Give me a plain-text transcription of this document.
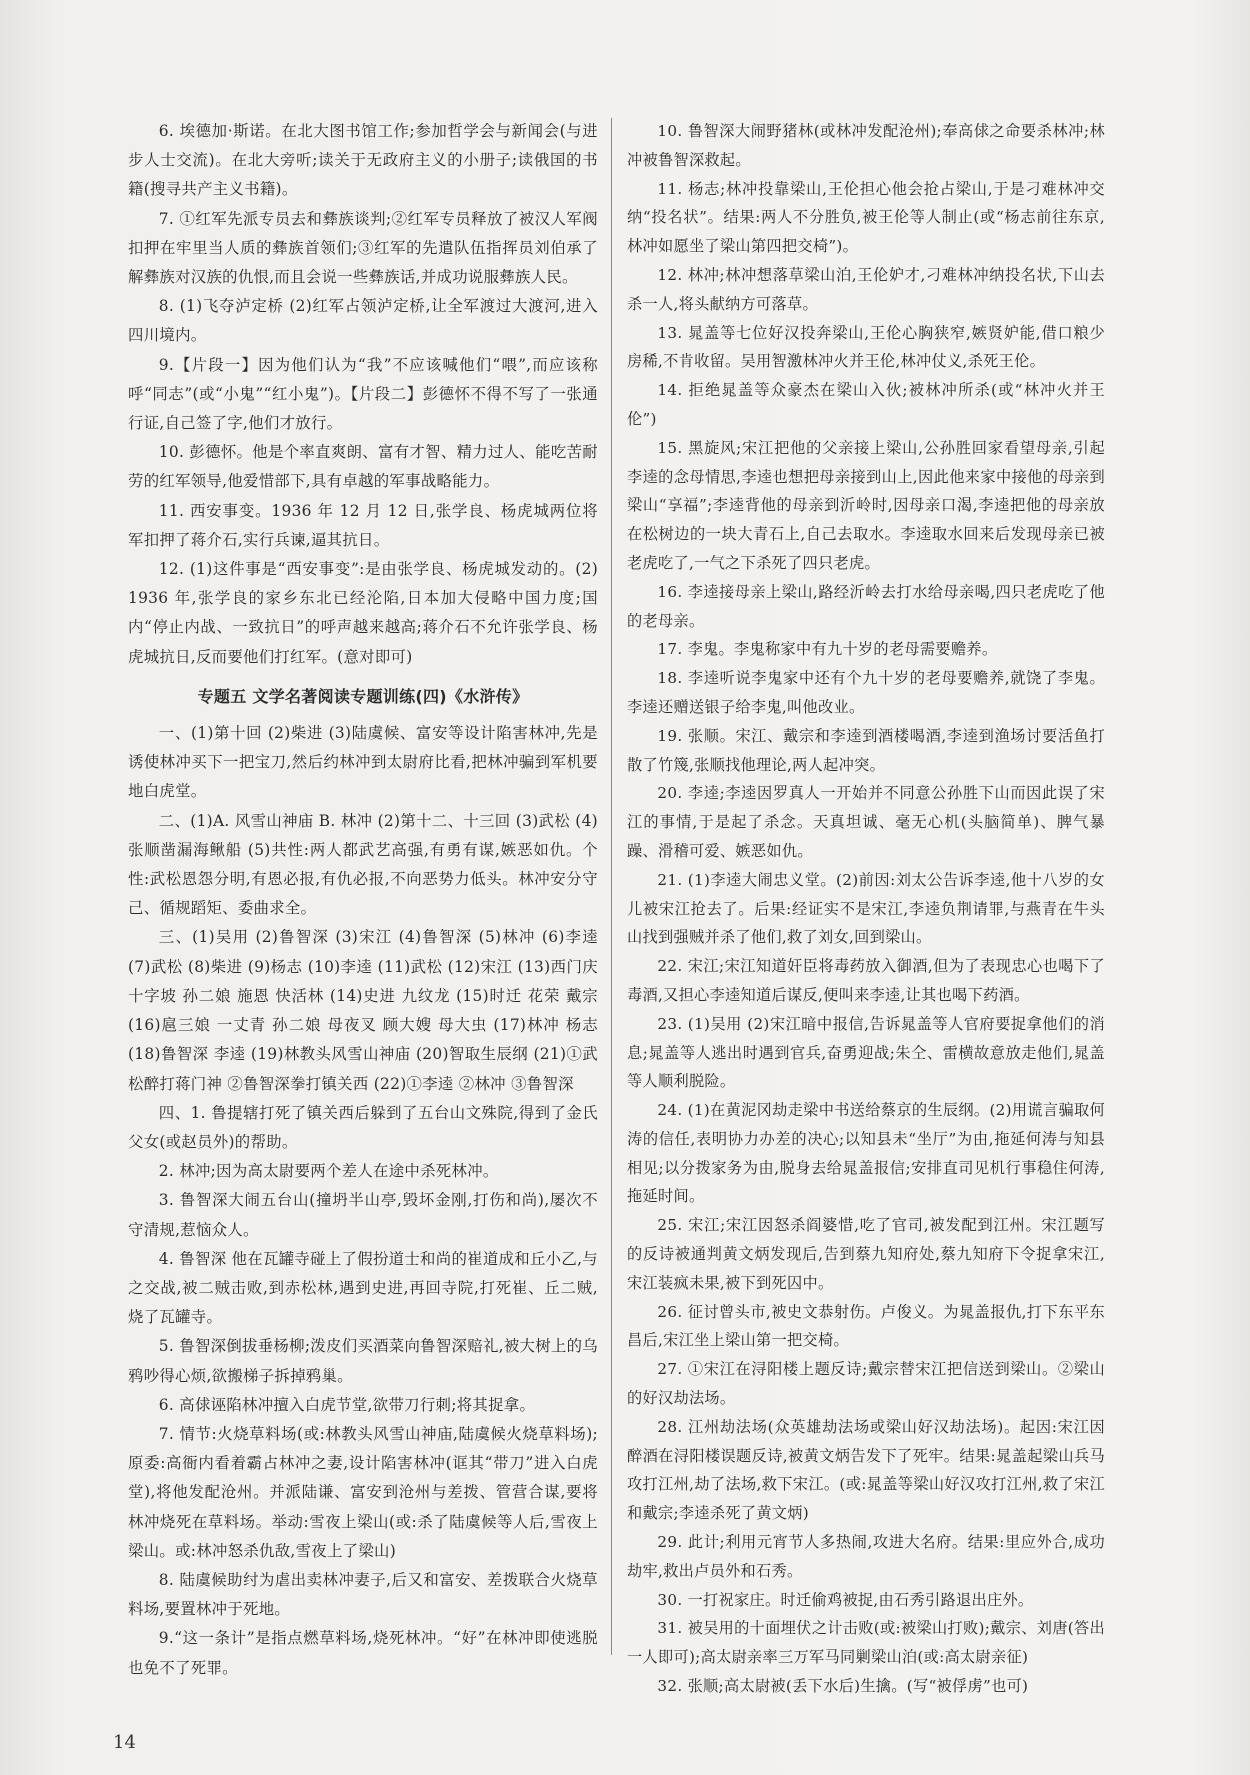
6. 埃德加·斯诺。在北大图书馆工作;参加哲学会与新闻会(与进步人士交流)。在北大旁听;读关于无政府主义的小册子;读俄国的书籍(搜寻共产主义书籍)。

7. ①红军先派专员去和彝族谈判;②红军专员释放了被汉人军阀扣押在牢里当人质的彝族首领们;③红军的先遣队伍指挥员刘伯承了解彝族对汉族的仇恨,而且会说一些彝族话,并成功说服彝族人民。

8. (1)飞夺泸定桥 (2)红军占领泸定桥,让全军渡过大渡河,进入四川境内。

9.【片段一】因为他们认为“我”不应该喊他们“喂”,而应该称呼“同志”(或“小鬼”“红小鬼”)。【片段二】彭德怀不得不写了一张通行证,自己签了字,他们才放行。

10. 彭德怀。他是个率直爽朗、富有才智、精力过人、能吃苦耐劳的红军领导,他爱惜部下,具有卓越的军事战略能力。

11. 西安事变。1936 年 12 月 12 日,张学良、杨虎城两位将军扣押了蒋介石,实行兵谏,逼其抗日。

12. (1)这件事是“西安事变”:是由张学良、杨虎城发动的。(2) 1936 年,张学良的家乡东北已经沦陷,日本加大侵略中国力度;国内“停止内战、一致抗日”的呼声越来越高;蒋介石不允许张学良、杨虎城抗日,反而要他们打红军。(意对即可)

专题五 文学名著阅读专题训练(四)《水浒传》

一、(1)第十回 (2)柴进 (3)陆虞候、富安等设计陷害林冲,先是诱使林冲买下一把宝刀,然后约林冲到太尉府比看,把林冲骗到军机要地白虎堂。

二、(1)A. 风雪山神庙 B. 林冲 (2)第十二、十三回 (3)武松 (4)张顺凿漏海鳅船 (5)共性:两人都武艺高强,有勇有谋,嫉恶如仇。个性:武松恩怨分明,有恩必报,有仇必报,不向恶势力低头。林冲安分守己、循规蹈矩、委曲求全。

三、(1)吴用 (2)鲁智深 (3)宋江 (4)鲁智深 (5)林冲 (6)李逵 (7)武松 (8)柴进 (9)杨志 (10)李逵 (11)武松 (12)宋江 (13)西门庆 十字坡 孙二娘 施恩 快活林 (14)史进 九纹龙 (15)时迁 花荣 戴宗 (16)扈三娘 一丈青 孙二娘 母夜叉 顾大嫂 母大虫 (17)林冲 杨志 (18)鲁智深 李逵 (19)林教头风雪山神庙 (20)智取生辰纲 (21)①武松醉打蒋门神 ②鲁智深拳打镇关西 (22)①李逵 ②林冲 ③鲁智深

四、1. 鲁提辖打死了镇关西后躲到了五台山文殊院,得到了金氏父女(或赵员外)的帮助。

2. 林冲;因为高太尉要两个差人在途中杀死林冲。

3. 鲁智深大闹五台山(撞坍半山亭,毁坏金刚,打伤和尚),屡次不守清规,惹恼众人。

4. 鲁智深 他在瓦罐寺碰上了假扮道士和尚的崔道成和丘小乙,与之交战,被二贼击败,到赤松林,遇到史进,再回寺院,打死崔、丘二贼,烧了瓦罐寺。

5. 鲁智深倒拔垂杨柳;泼皮们买酒菜向鲁智深赔礼,被大树上的乌鸦吵得心烦,欲搬梯子拆掉鸦巢。

6. 高俅诬陷林冲擅入白虎节堂,欲带刀行刺;将其捉拿。

7. 情节:火烧草料场(或:林教头风雪山神庙,陆虞候火烧草料场);原委:高衙内看着霸占林冲之妻,设计陷害林冲(诓其“带刀”进入白虎堂),将他发配沧州。并派陆谦、富安到沧州与差拨、管营合谋,要将林冲烧死在草料场。举动:雪夜上梁山(或:杀了陆虞候等人后,雪夜上梁山。或:林冲怒杀仇敌,雪夜上了梁山)

8. 陆虞候助纣为虐出卖林冲妻子,后又和富安、差拨联合火烧草料场,要置林冲于死地。

9.“这一条计”是指点燃草料场,烧死林冲。“好”在林冲即使逃脱也免不了死罪。

10. 鲁智深大闹野猪林(或林冲发配沧州);奉高俅之命要杀林冲;林冲被鲁智深救起。

11. 杨志;林冲投靠梁山,王伦担心他会抢占梁山,于是刁难林冲交纳“投名状”。结果:两人不分胜负,被王伦等人制止(或“杨志前往东京,林冲如愿坐了梁山第四把交椅”)。

12. 林冲;林冲想落草梁山泊,王伦妒才,刁难林冲纳投名状,下山去杀一人,将头献纳方可落草。

13. 晁盖等七位好汉投奔梁山,王伦心胸狭窄,嫉贤妒能,借口粮少房稀,不肯收留。吴用智激林冲火并王伦,林冲仗义,杀死王伦。

14. 拒绝晁盖等众豪杰在梁山入伙;被林冲所杀(或“林冲火并王伦”)

15. 黑旋风;宋江把他的父亲接上梁山,公孙胜回家看望母亲,引起李逵的念母情思,李逵也想把母亲接到山上,因此他来家中接他的母亲到梁山“享福”;李逵背他的母亲到沂岭时,因母亲口渴,李逵把他的母亲放在松树边的一块大青石上,自己去取水。李逵取水回来后发现母亲已被老虎吃了,一气之下杀死了四只老虎。

16. 李逵接母亲上梁山,路经沂岭去打水给母亲喝,四只老虎吃了他的老母亲。

17. 李鬼。李鬼称家中有九十岁的老母需要赡养。

18. 李逵听说李鬼家中还有个九十岁的老母要赡养,就饶了李鬼。李逵还赠送银子给李鬼,叫他改业。

19. 张顺。宋江、戴宗和李逵到酒楼喝酒,李逵到渔场讨要活鱼打散了竹篾,张顺找他理论,两人起冲突。

20. 李逵;李逵因罗真人一开始并不同意公孙胜下山而因此误了宋江的事情,于是起了杀念。天真坦诚、毫无心机(头脑简单)、脾气暴躁、滑稽可爱、嫉恶如仇。

21. (1)李逵大闹忠义堂。(2)前因:刘太公告诉李逵,他十八岁的女儿被宋江抢去了。后果:经证实不是宋江,李逵负荆请罪,与燕青在牛头山找到强贼并杀了他们,救了刘女,回到梁山。

22. 宋江;宋江知道奸臣将毒药放入御酒,但为了表现忠心也喝下了毒酒,又担心李逵知道后谋反,便叫来李逵,让其也喝下药酒。

23. (1)吴用 (2)宋江暗中报信,告诉晁盖等人官府要捉拿他们的消息;晁盖等人逃出时遇到官兵,奋勇迎战;朱仝、雷横故意放走他们,晁盖等人顺利脱险。

24. (1)在黄泥冈劫走梁中书送给蔡京的生辰纲。(2)用谎言骗取何涛的信任,表明协力办差的决心;以知县未“坐厅”为由,拖延何涛与知县相见;以分拨家务为由,脱身去给晁盖报信;安排直司见机行事稳住何涛,拖延时间。

25. 宋江;宋江因怒杀阎婆惜,吃了官司,被发配到江州。宋江题写的反诗被通判黄文炳发现后,告到蔡九知府处,蔡九知府下令捉拿宋江,宋江装疯未果,被下到死囚中。

26. 征讨曾头市,被史文恭射伤。卢俊义。为晁盖报仇,打下东平东昌后,宋江坐上梁山第一把交椅。

27. ①宋江在浔阳楼上题反诗;戴宗替宋江把信送到梁山。②梁山的好汉劫法场。

28. 江州劫法场(众英雄劫法场或梁山好汉劫法场)。起因:宋江因醉酒在浔阳楼误题反诗,被黄文炳告发下了死牢。结果:晁盖起梁山兵马攻打江州,劫了法场,救下宋江。(或:晁盖等梁山好汉攻打江州,救了宋江和戴宗;李逵杀死了黄文炳)

29. 此计;利用元宵节人多热闹,攻进大名府。结果:里应外合,成功劫牢,救出卢员外和石秀。

30. 一打祝家庄。时迁偷鸡被捉,由石秀引路退出庄外。

31. 被吴用的十面埋伏之计击败(或:被梁山打败);戴宗、刘唐(答出一人即可);高太尉亲率三万军马同剿梁山泊(或:高太尉亲征)

32. 张顺;高太尉被(丢下水后)生擒。(写“被俘虏”也可)

14
